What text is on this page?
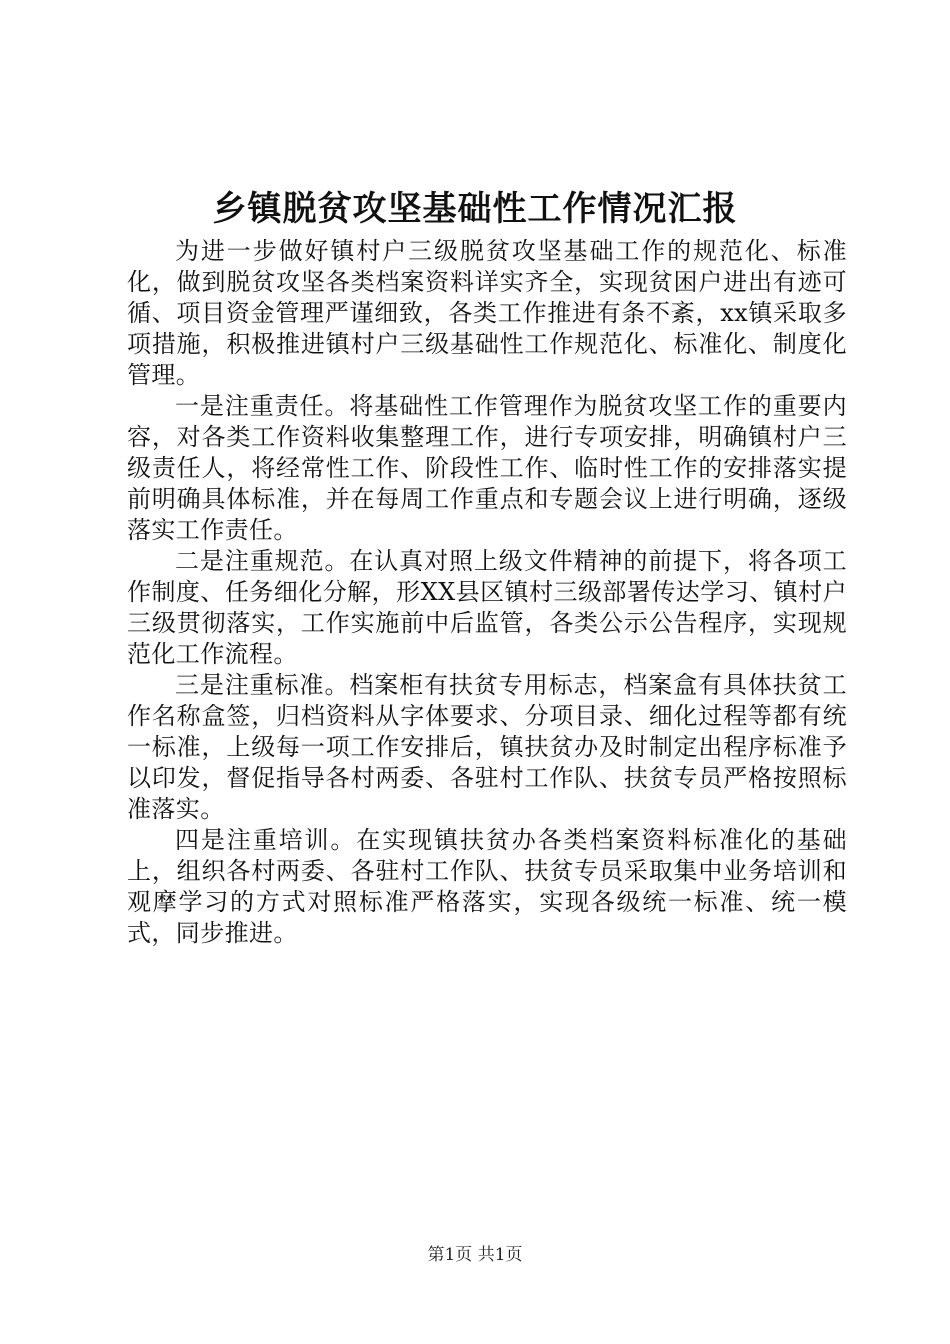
乡镇脱贫攻坚基础性工作情况汇报

为进一步做好镇村户三级脱贫攻坚基础工作的规范化、标准化，做到脱贫攻坚各类档案资料详实齐全，实现贫困户进出有迹可循、项目资金管理严谨细致，各类工作推进有条不紊，xx镇采取多项措施，积极推进镇村户三级基础性工作规范化、标准化、制度化管理。

一是注重责任。将基础性工作管理作为脱贫攻坚工作的重要内容，对各类工作资料收集整理工作，进行专项安排，明确镇村户三级责任人，将经常性工作、阶段性工作、临时性工作的安排落实提前明确具体标准，并在每周工作重点和专题会议上进行明确，逐级落实工作责任。

二是注重规范。在认真对照上级文件精神的前提下，将各项工作制度、任务细化分解，形XX县区镇村三级部署传达学习、镇村户三级贯彻落实，工作实施前中后监管，各类公示公告程序，实现规范化工作流程。

三是注重标准。档案柜有扶贫专用标志，档案盒有具体扶贫工作名称盒签，归档资料从字体要求、分项目录、细化过程等都有统一标准，上级每一项工作安排后，镇扶贫办及时制定出程序标准予以印发，督促指导各村两委、各驻村工作队、扶贫专员严格按照标准落实。

四是注重培训。在实现镇扶贫办各类档案资料标准化的基础上，组织各村两委、各驻村工作队、扶贫专员采取集中业务培训和观摩学习的方式对照标准严格落实，实现各级统一标准、统一模式，同步推进。

第1页 共1页
